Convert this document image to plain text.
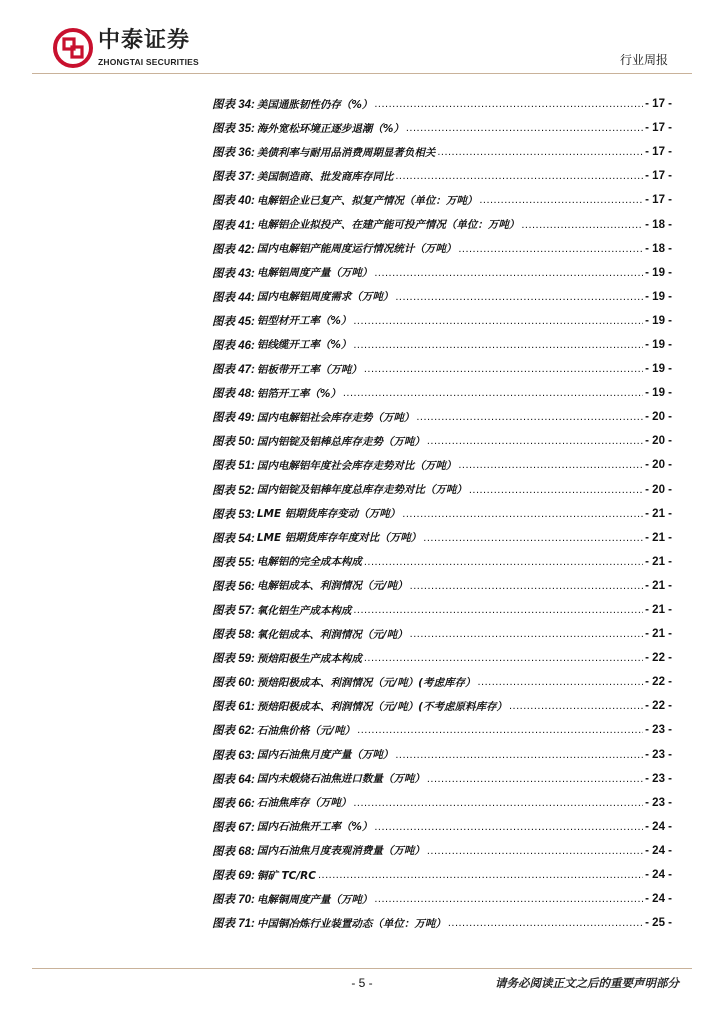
中泰证券
ZHONGTAI SECURITIES	行业周报
图表 34: 美国通胀韧性仍存（%） .....	- 17 -
图表 35: 海外宽松环境正逐步退潮（%） .....	- 17 -
图表 36: 美债利率与耐用品消费周期显著负相关 .....	- 17 -
图表 37: 美国制造商、批发商库存同比 .....	- 17 -
图表 40: 电解铝企业已复产、拟复产情况（单位：万吨） .....	- 17 -
图表 41: 电解铝企业拟投产、在建产能可投产情况（单位：万吨） .....	- 18 -
图表 42: 国内电解铝产能周度运行情况统计（万吨） .....	- 18 -
图表 43: 电解铝周度产量（万吨） .....	- 19 -
图表 44: 国内电解铝周度需求（万吨） .....	- 19 -
图表 45: 铝型材开工率（%） .....	- 19 -
图表 46: 铝线缆开工率（%） .....	- 19 -
图表 47: 铝板带开工率（万吨） .....	- 19 -
图表 48: 铝箔开工率（%） .....	- 19 -
图表 49: 国内电解铝社会库存走势（万吨） .....	- 20 -
图表 50: 国内铝锭及铝棒总库存走势（万吨） .....	- 20 -
图表 51: 国内电解铝年度社会库存走势对比（万吨） .....	- 20 -
图表 52: 国内铝锭及铝棒年度总库存走势对比（万吨） .....	- 20 -
图表 53: LME 铝期货库存变动（万吨） .....	- 21 -
图表 54: LME 铝期货库存年度对比（万吨） .....	- 21 -
图表 55: 电解铝的完全成本构成 .....	- 21 -
图表 56: 电解铝成本、利润情况（元/吨） .....	- 21 -
图表 57: 氧化铝生产成本构成 .....	- 21 -
图表 58: 氧化铝成本、利润情况（元/吨） .....	- 21 -
图表 59: 预焙阳极生产成本构成 .....	- 22 -
图表 60: 预焙阳极成本、利润情况（元/吨）(考虑库存） .....	- 22 -
图表 61: 预焙阳极成本、利润情况（元/吨）(不考虑原料库存） .....	- 22 -
图表 62: 石油焦价格（元/吨） .....	- 23 -
图表 63: 国内石油焦月度产量（万吨） .....	- 23 -
图表 64: 国内未煅烧石油焦进口数量（万吨） .....	- 23 -
图表 66: 石油焦库存（万吨） .....	- 23 -
图表 67: 国内石油焦开工率（%） .....	- 24 -
图表 68: 国内石油焦月度表观消费量（万吨） .....	- 24 -
图表 69: 铜矿 TC/RC .....	- 24 -
图表 70: 电解铜周度产量（万吨） .....	- 24 -
图表 71: 中国铜冶炼行业装置动态（单位：万吨） .....	- 25 -
- 5 -	请务必阅读正文之后的重要声明部分
